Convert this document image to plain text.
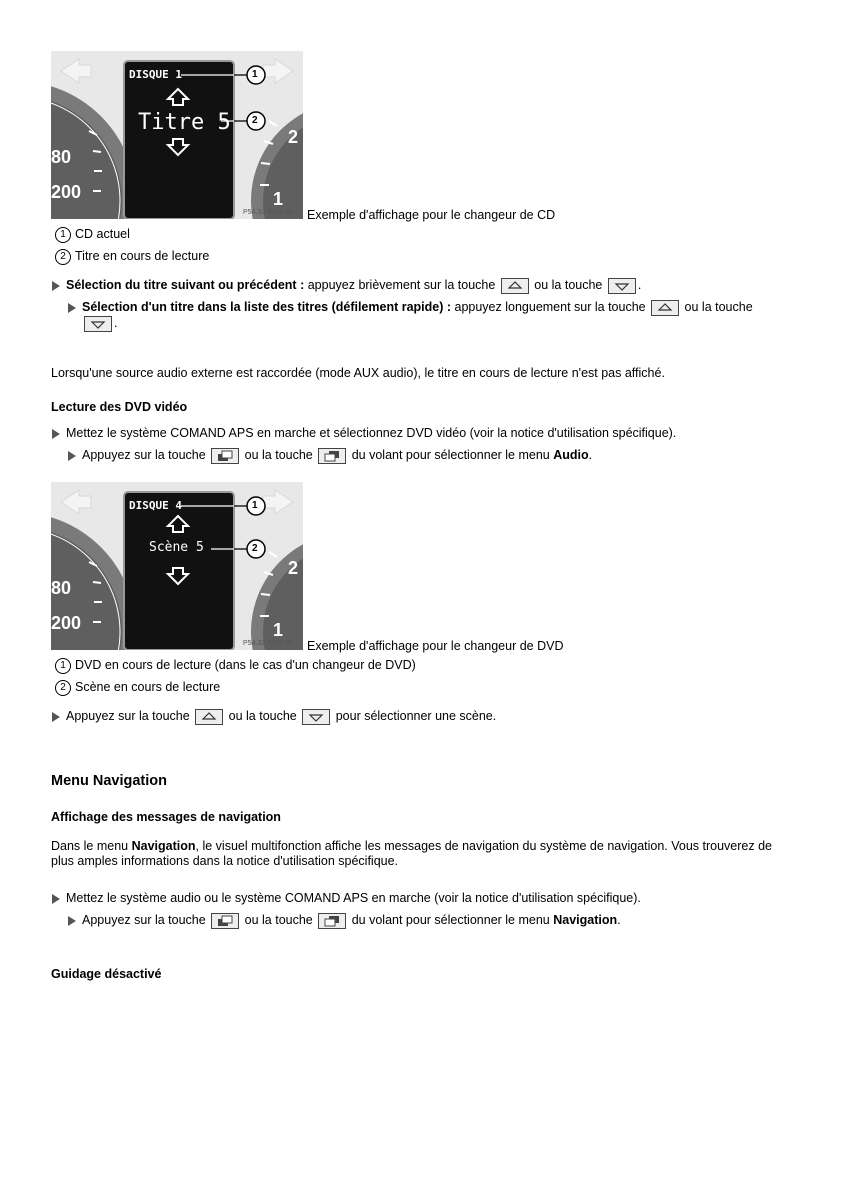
DISQUE 1
Titre 5
1
2
80
200
2
1
P54.32-8148-31 Exemple d'affichage pour le changeur de CD
1 CD actuel
2 Titre en cours de lecture
Sélection du titre suivant ou précédent : appuyez brièvement sur la touche	ou la touche	.
Sélection d'un titre dans la liste des titres (défilement rapide) : appuyez longuement sur la touche	ou la touche
.
Lorsqu'une source audio externe est raccordée (mode AUX audio), le titre en cours de lecture n'est pas affiché.
Lecture des DVD vidéo
Mettez le système COMAND APS en marche et sélectionnez DVD vidéo (voir la notice d'utilisation spécifique).
Appuyez sur la touche	ou la touche	du volant pour sélectionner le menu Audio.
DISQUE 4
Scène 5
1
2
80
200
2
1
P54.32-7186-31 Exemple d'affichage pour le changeur de DVD
1 DVD en cours de lecture (dans le cas d'un changeur de DVD)
2 Scène en cours de lecture
Appuyez sur la touche	ou la touche	pour sélectionner une scène.
Menu Navigation
Affichage des messages de navigation
Dans le menu Navigation, le visuel multifonction affiche les messages de navigation du système de navigation. Vous trouverez de
plus amples informations dans la notice d'utilisation spécifique.
Mettez le système audio ou le système COMAND APS en marche (voir la notice d'utilisation spécifique).
Appuyez sur la touche	ou la touche	du volant pour sélectionner le menu Navigation.
Guidage désactivé
